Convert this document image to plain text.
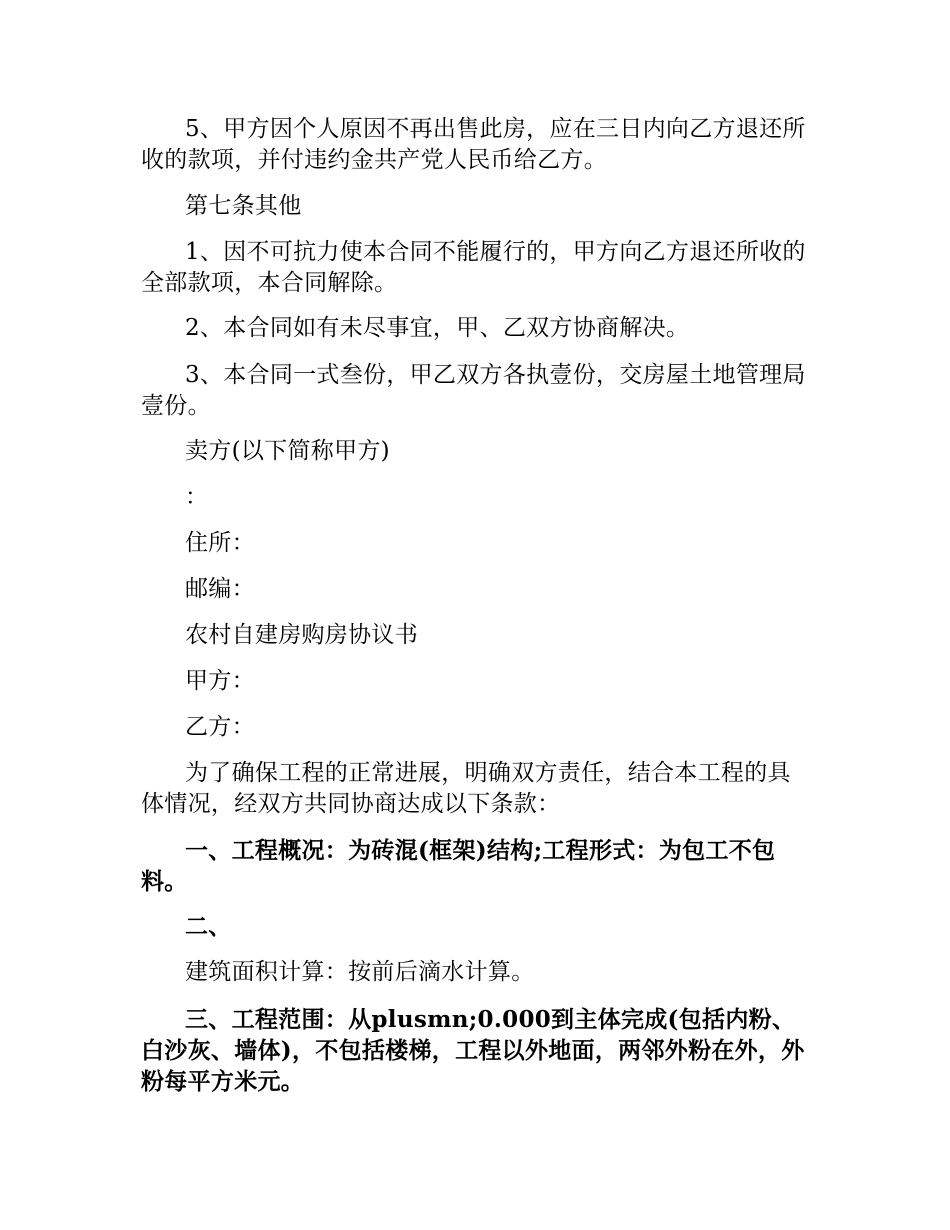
5、甲方因个人原因不再出售此房，应在三日内向乙方退还所收的款项，并付违约金共产党人民币给乙方。

第七条其他

1、因不可抗力使本合同不能履行的，甲方向乙方退还所收的全部款项，本合同解除。

2、本合同如有未尽事宜，甲、乙双方协商解决。

3、本合同一式叁份，甲乙双方各执壹份，交房屋土地管理局壹份。

卖方(以下简称甲方)

：

住所：

邮编：

农村自建房购房协议书

甲方：

乙方：

为了确保工程的正常进展，明确双方责任，结合本工程的具体情况，经双方共同协商达成以下条款：

一、工程概况：为砖混(框架)结构;工程形式：为包工不包料。

二、

建筑面积计算：按前后滴水计算。

三、工程范围：从plusmn;0.000到主体完成(包括内粉、白沙灰、墙体)，不包括楼梯，工程以外地面，两邻外粉在外，外粉每平方米元。
